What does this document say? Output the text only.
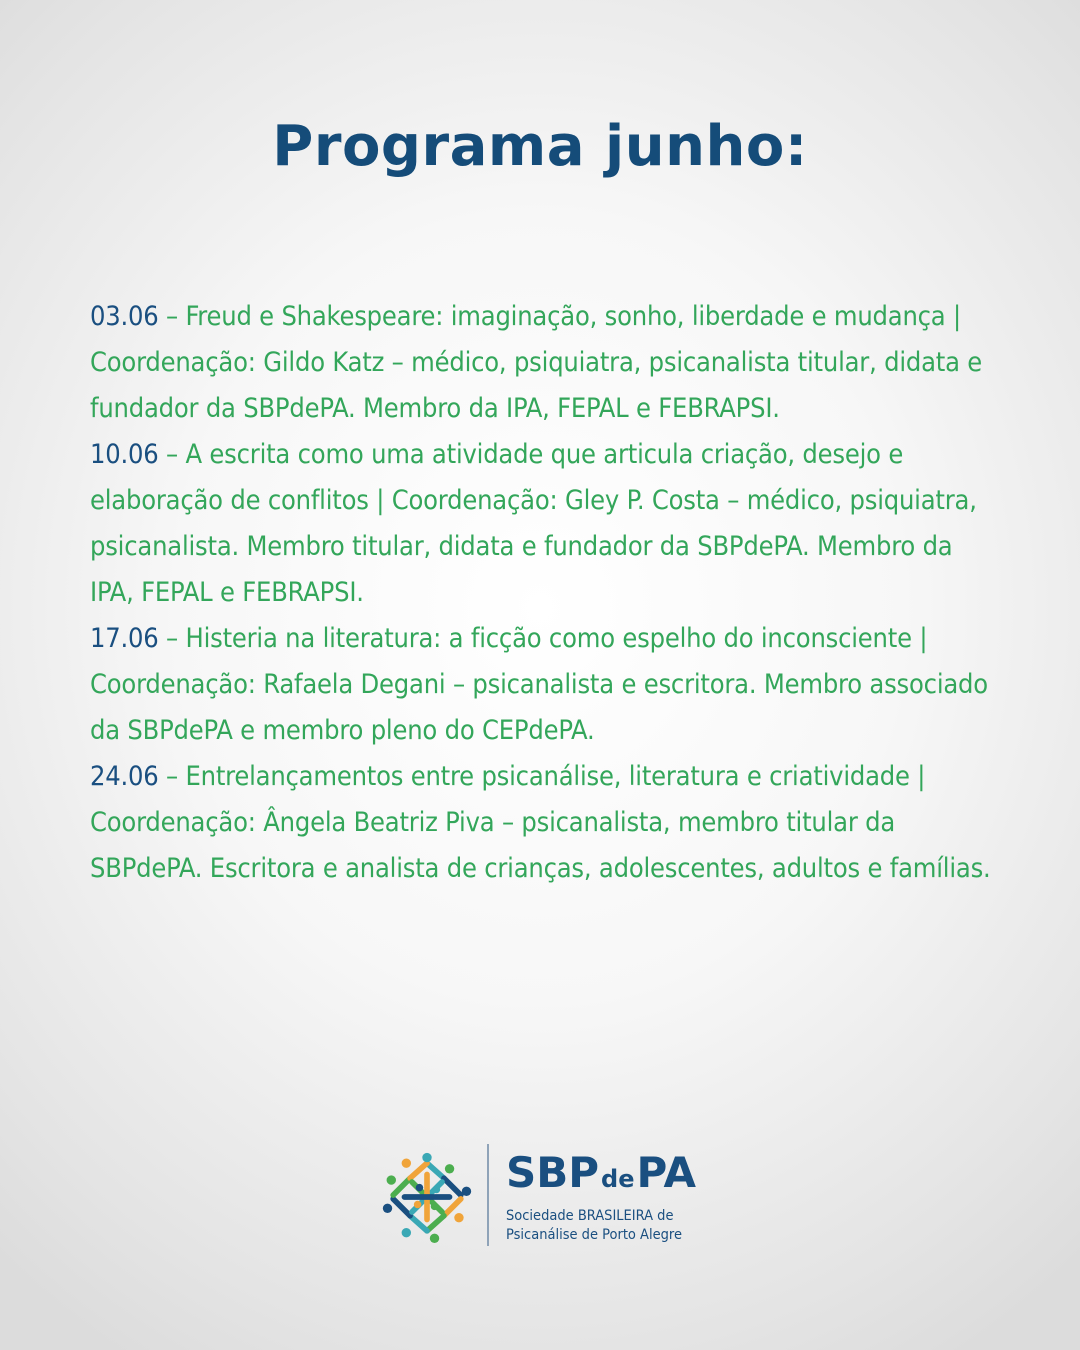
Programa junho:

03.06 – Freud e Shakespeare: imaginação, sonho, liberdade e mudança | Coordenação: Gildo Katz – médico, psiquiatra, psicanalista titular, didata e fundador da SBPdePA. Membro da IPA, FEPAL e FEBRAPSI.

10.06 – A escrita como uma atividade que articula criação, desejo e elaboração de conflitos | Coordenação: Gley P. Costa – médico, psiquiatra, psicanalista. Membro titular, didata e fundador da SBPdePA. Membro da IPA, FEPAL e FEBRAPSI.

17.06 – Histeria na literatura: a ficção como espelho do inconsciente | Coordenação: Rafaela Degani – psicanalista e escritora. Membro associado da SBPdePA e membro pleno do CEPdePA.

24.06 – Entrelançamentos entre psicanálise, literatura e criatividade | Coordenação: Ângela Beatriz Piva – psicanalista, membro titular da SBPdePA. Escritora e analista de crianças, adolescentes, adultos e famílias.

SBPdePA
Sociedade BRASILEIRA de
Psicanálise de Porto Alegre
